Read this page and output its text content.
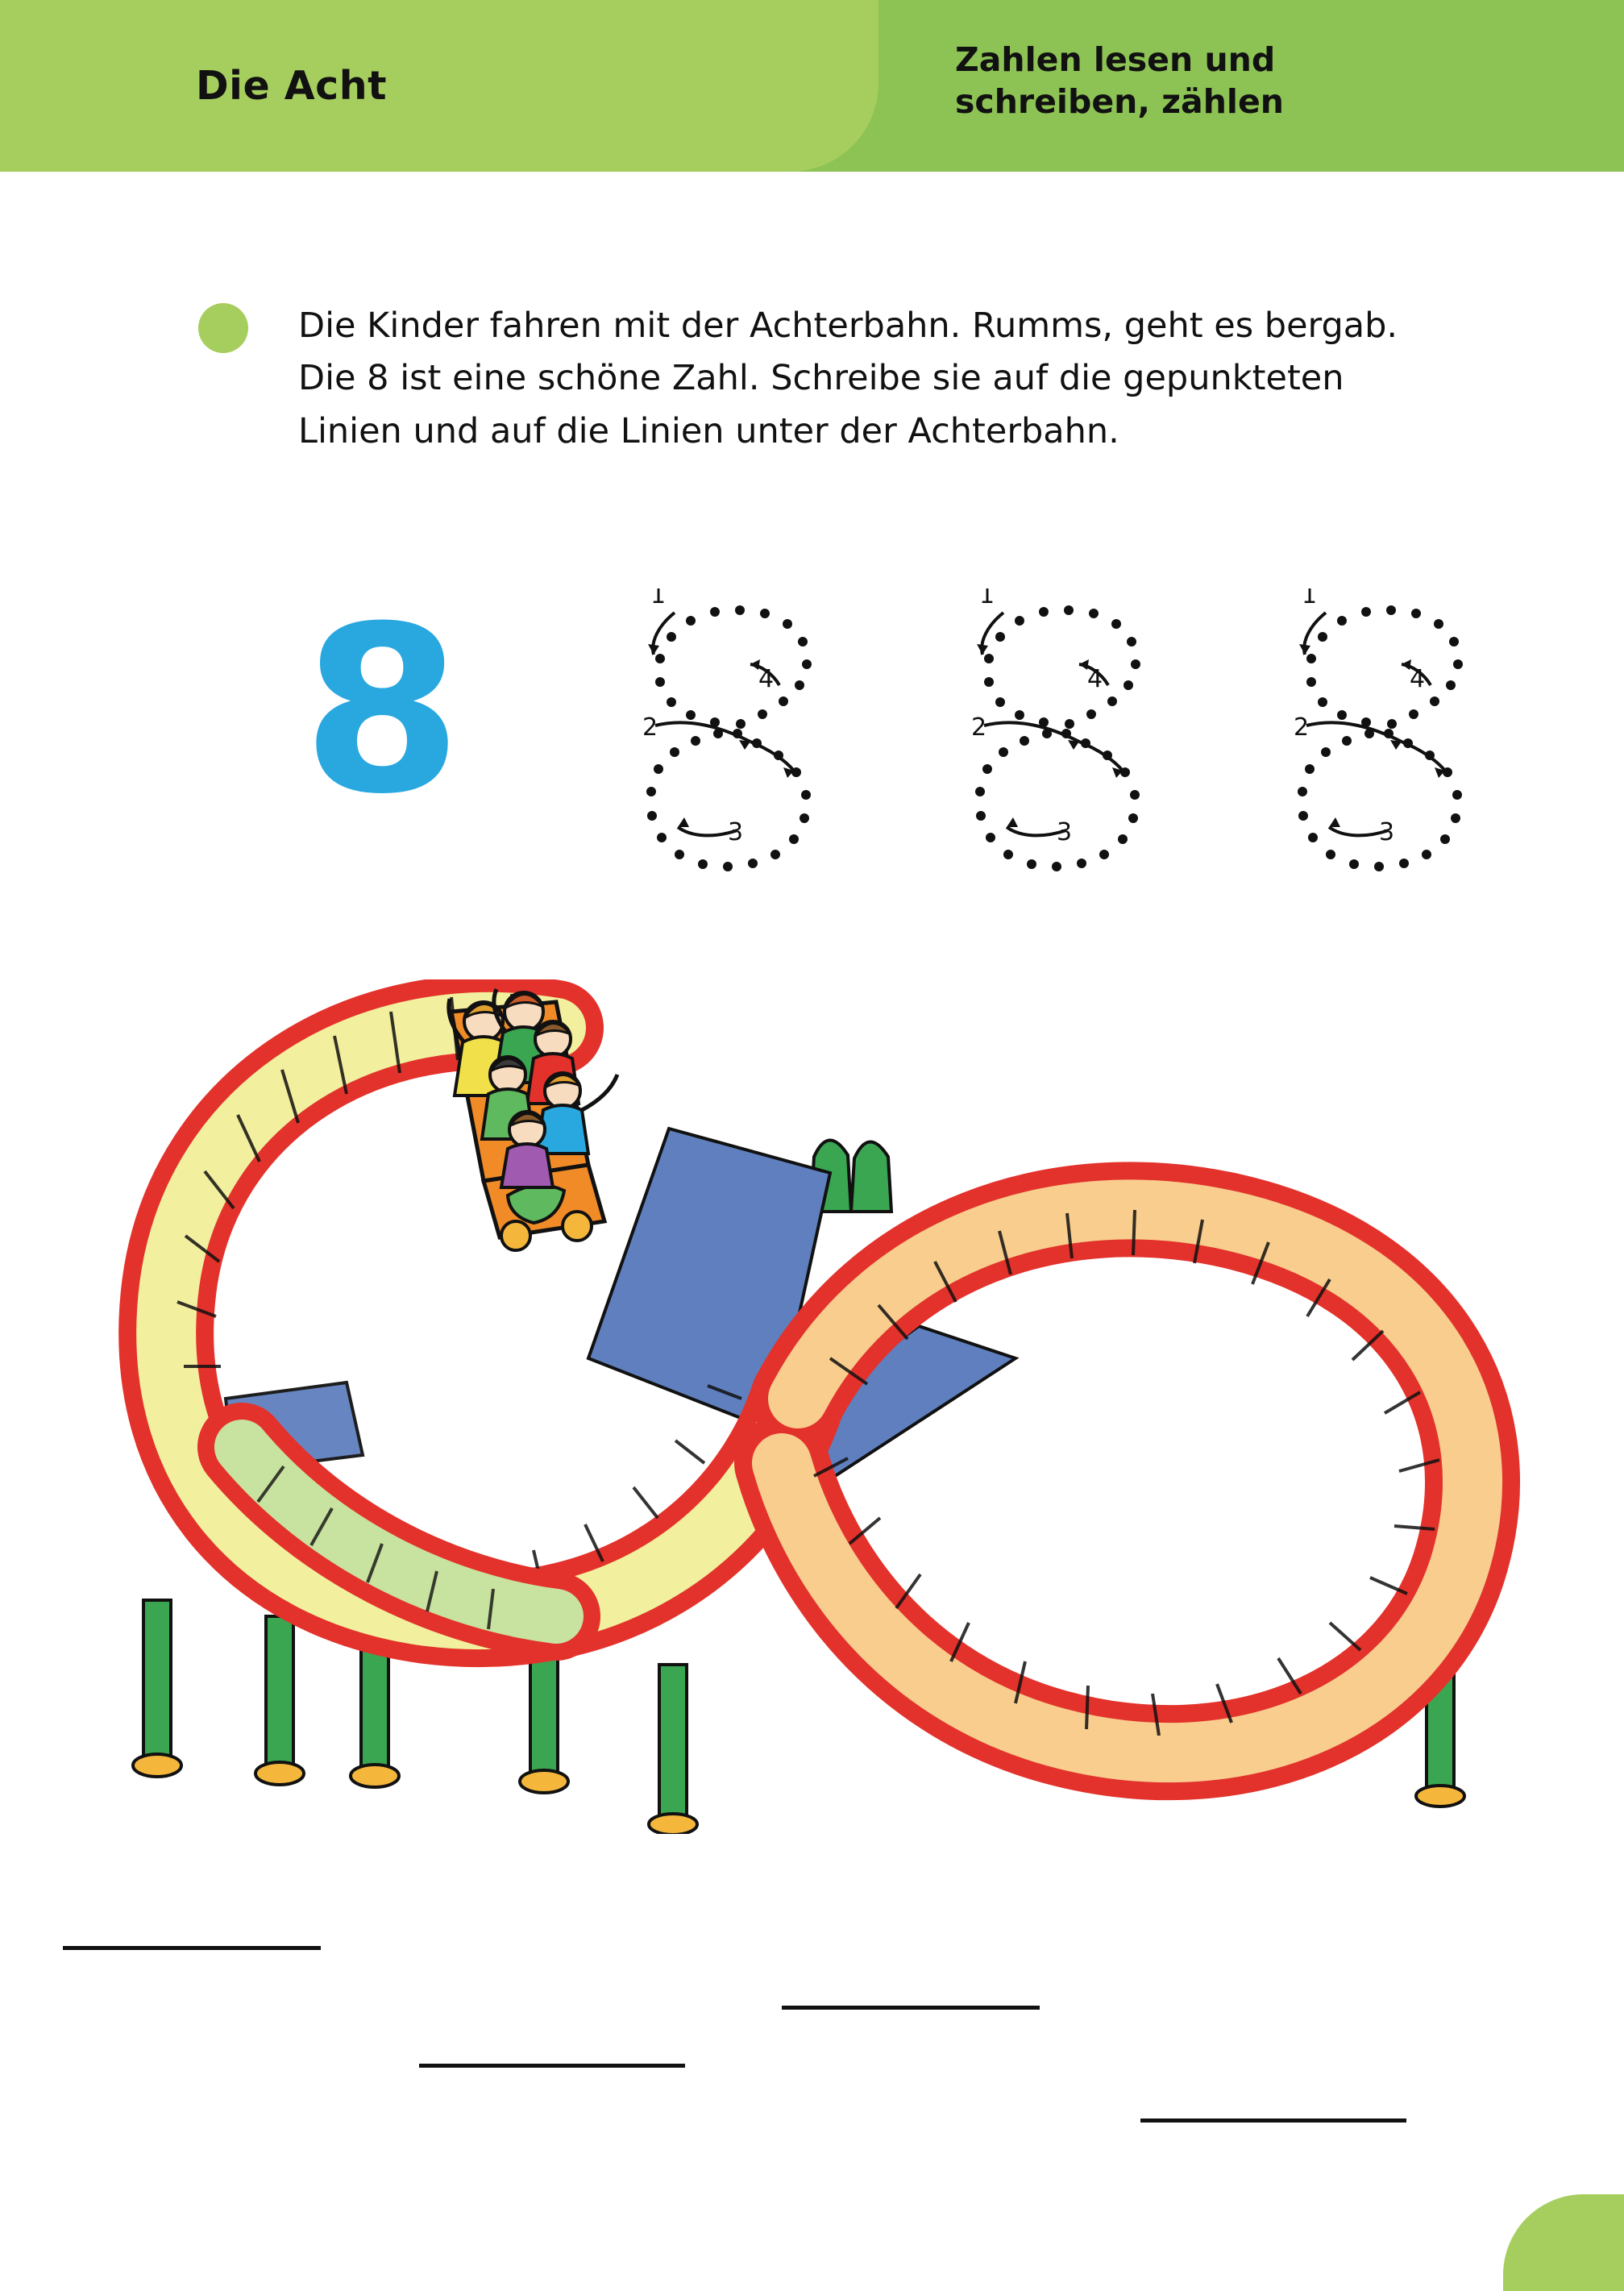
Die Acht
Zahlen lesen und schreiben, zählen
Die Kinder fahren mit der Achterbahn. Rumms, geht es bergab. Die 8 ist eine schöne Zahl. Schreibe sie auf die gepunkteten Linien und auf die Linien unter der Achterbahn.
8	1
2
3
4
1
2
3
4
1
2
3
4
